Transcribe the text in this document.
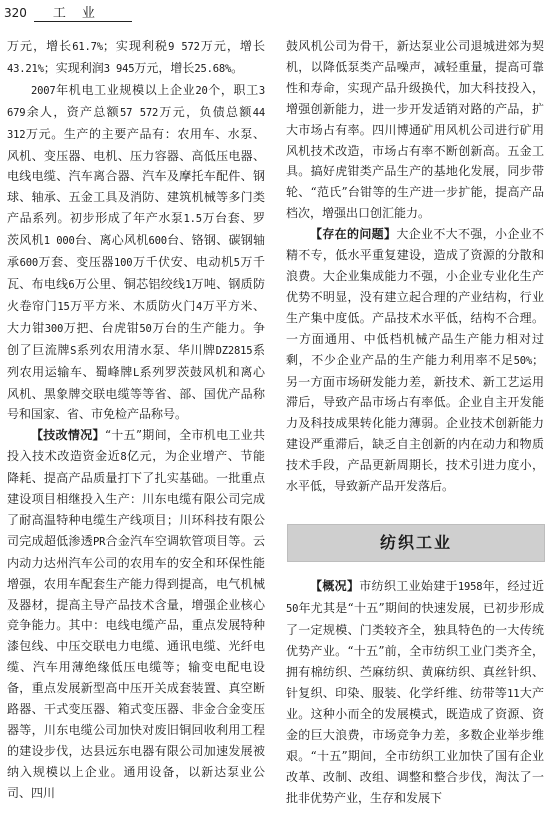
320 工业

万元，增长61.7%；实现利税9 572万元，增长43.21%；实现利润3 945万元，增长25.68%。

2007年机电工业规模以上企业20个，职工3 679余人，资产总额57 572万元，负债总额44 312万元。生产的主要产品有：农用车、水泵、风机、变压器、电机、压力容器、高低压电器、电线电缆、汽车离合器、汽车及摩托车配件、钢球、轴承、五金工具及消防、建筑机械等多门类产品系列。初步形成了年产水泵1.5万台套、罗茨风机1 000台、离心风机600台、铬钢、碳钢轴承600万套、变压器100万千伏安、电动机5万千瓦、布电线6万公里、铜芯铝绞线1万吨、钢质防火卷帘门15万平方米、木质防火门4万平方米、大力钳300万把、台虎钳50万台的生产能力。争创了巨流牌S系列农用清水泵、华川牌DZ2815系列农用运输车、蜀峰牌L系列罗茨鼓风机和离心风机、黑象牌交联电缆等等省、部、国优产品称号和国家、省、市免检产品称号。

【技改情况】“十五”期间，全市机电工业共投入技术改造资金近8亿元，为企业增产、节能降耗、提高产品质量打下了扎实基础。一批重点建设项目相继投入生产：川东电缆有限公司完成了耐高温特种电缆生产线项目；川环科技有限公司完成超低渗透PR合金汽车空调软管项目等。云内动力达州汽车公司的农用车的安全和环保性能增强，农用车配套生产能力得到提高，电气机械及器材，提高主导产品技术含量，增强企业核心竞争能力。其中：电线电缆产品，重点发展特种漆包线、中压交联电力电缆、通讯电缆、光纤电缆、汽车用薄绝缘低压电缆等；输变电配电设备，重点发展新型高中压开关成套装置、真空断路器、干式变压器、箱式变压器、非金合金变压器等，川东电缆公司加快对废旧铜回收利用工程的建设步伐，达县远东电器有限公司加速发展被纳入规模以上企业。通用设备，以新达泵业公司、四川

鼓风机公司为骨干，新达泵业公司退城进郊为契机，以降低泵类产品噪声，减轻重量，提高可靠性和寿命，实现产品升级换代，加大科技投入，增强创新能力，进一步开发适销对路的产品，扩大市场占有率。四川博通矿用风机公司进行矿用风机技术改造，市场占有率不断创新高。五金工具。搞好虎钳类产品生产的基地化发展，同步带轮、“范氏”台钳等的生产进一步扩能，提高产品档次，增强出口创汇能力。

【存在的问题】大企业不大不强，小企业不精不专，低水平重复建设，造成了资源的分散和浪费。大企业集成能力不强，小企业专业化生产优势不明显，没有建立起合理的产业结构，行业生产集中度低。产品技术水平低，结构不合理。一方面通用、中低档机械产品生产能力相对过剩，不少企业产品的生产能力利用率不足50%；另一方面市场研发能力差，新技术、新工艺运用滞后，导致产品市场占有率低。企业自主开发能力及科技成果转化能力薄弱。企业技术创新能力建设严重滞后，缺乏自主创新的内在动力和物质技术手段，产品更新周期长，技术引进力度小，水平低，导致新产品开发落后。

纺织工业

【概况】市纺织工业始建于1958年，经过近50年尤其是“十五”期间的快速发展，已初步形成了一定规模、门类较齐全，独具特色的一大传统优势产业。“十五”前，全市纺织工业门类齐全，拥有棉纺织、苎麻纺织、黄麻纺织、真丝针织、针复织、印染、服装、化学纤维、纺带等11大产业。这种小而全的发展模式，既造成了资源、资金的巨大浪费，市场竞争力差，多数企业举步维艰。“十五”期间，全市纺织工业加快了国有企业改革、改制、改组、调整和整合步伐，淘汰了一批非优势产业，生存和发展下
